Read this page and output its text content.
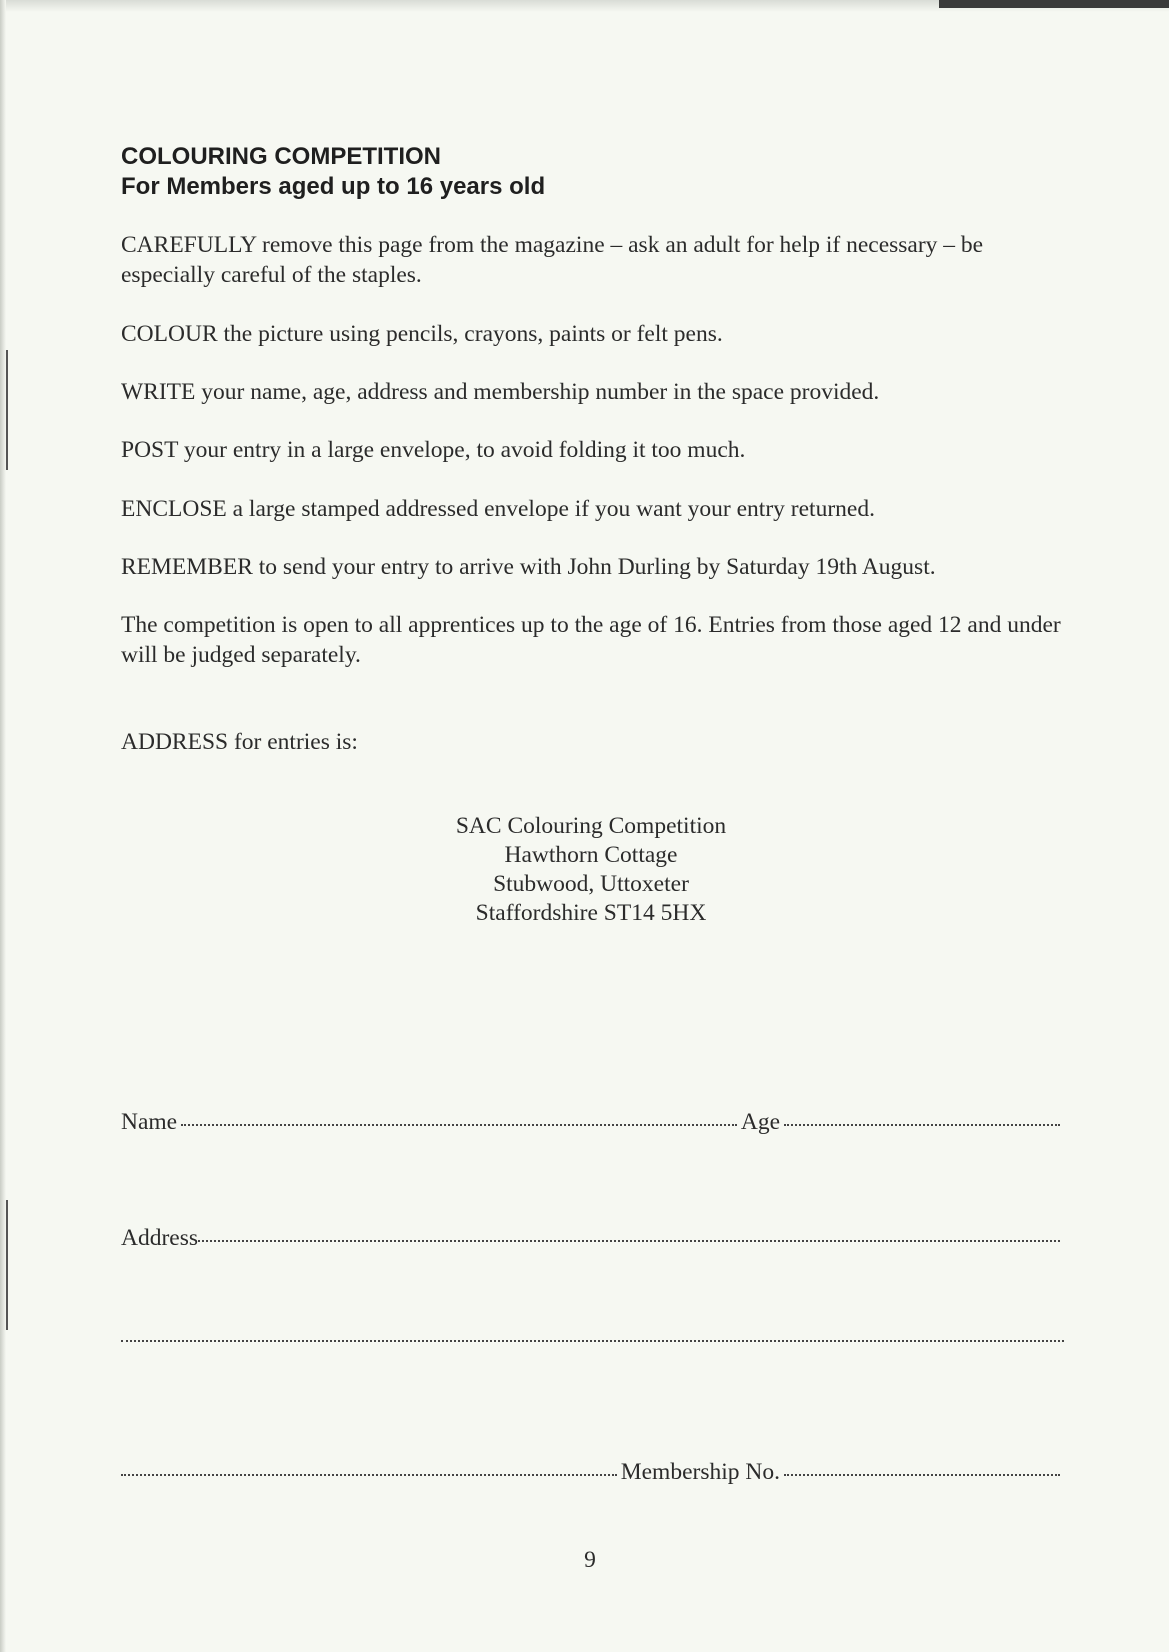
COLOURING COMPETITION
For Members aged up to 16 years old
CAREFULLY remove this page from the magazine – ask an adult for help if necessary – be especially careful of the staples.
COLOUR the picture using pencils, crayons, paints or felt pens.
WRITE your name, age, address and membership number in the space provided.
POST your entry in a large envelope, to avoid folding it too much.
ENCLOSE a large stamped addressed envelope if you want your entry returned.
REMEMBER to send your entry to arrive with John Durling by Saturday 19th August.
The competition is open to all apprentices up to the age of 16. Entries from those aged 12 and under will be judged separately.
ADDRESS for entries is:
SAC Colouring Competition
Hawthorn Cottage
Stubwood, Uttoxeter
Staffordshire ST14 5HX
Name	Age
Address
Membership No.
9
